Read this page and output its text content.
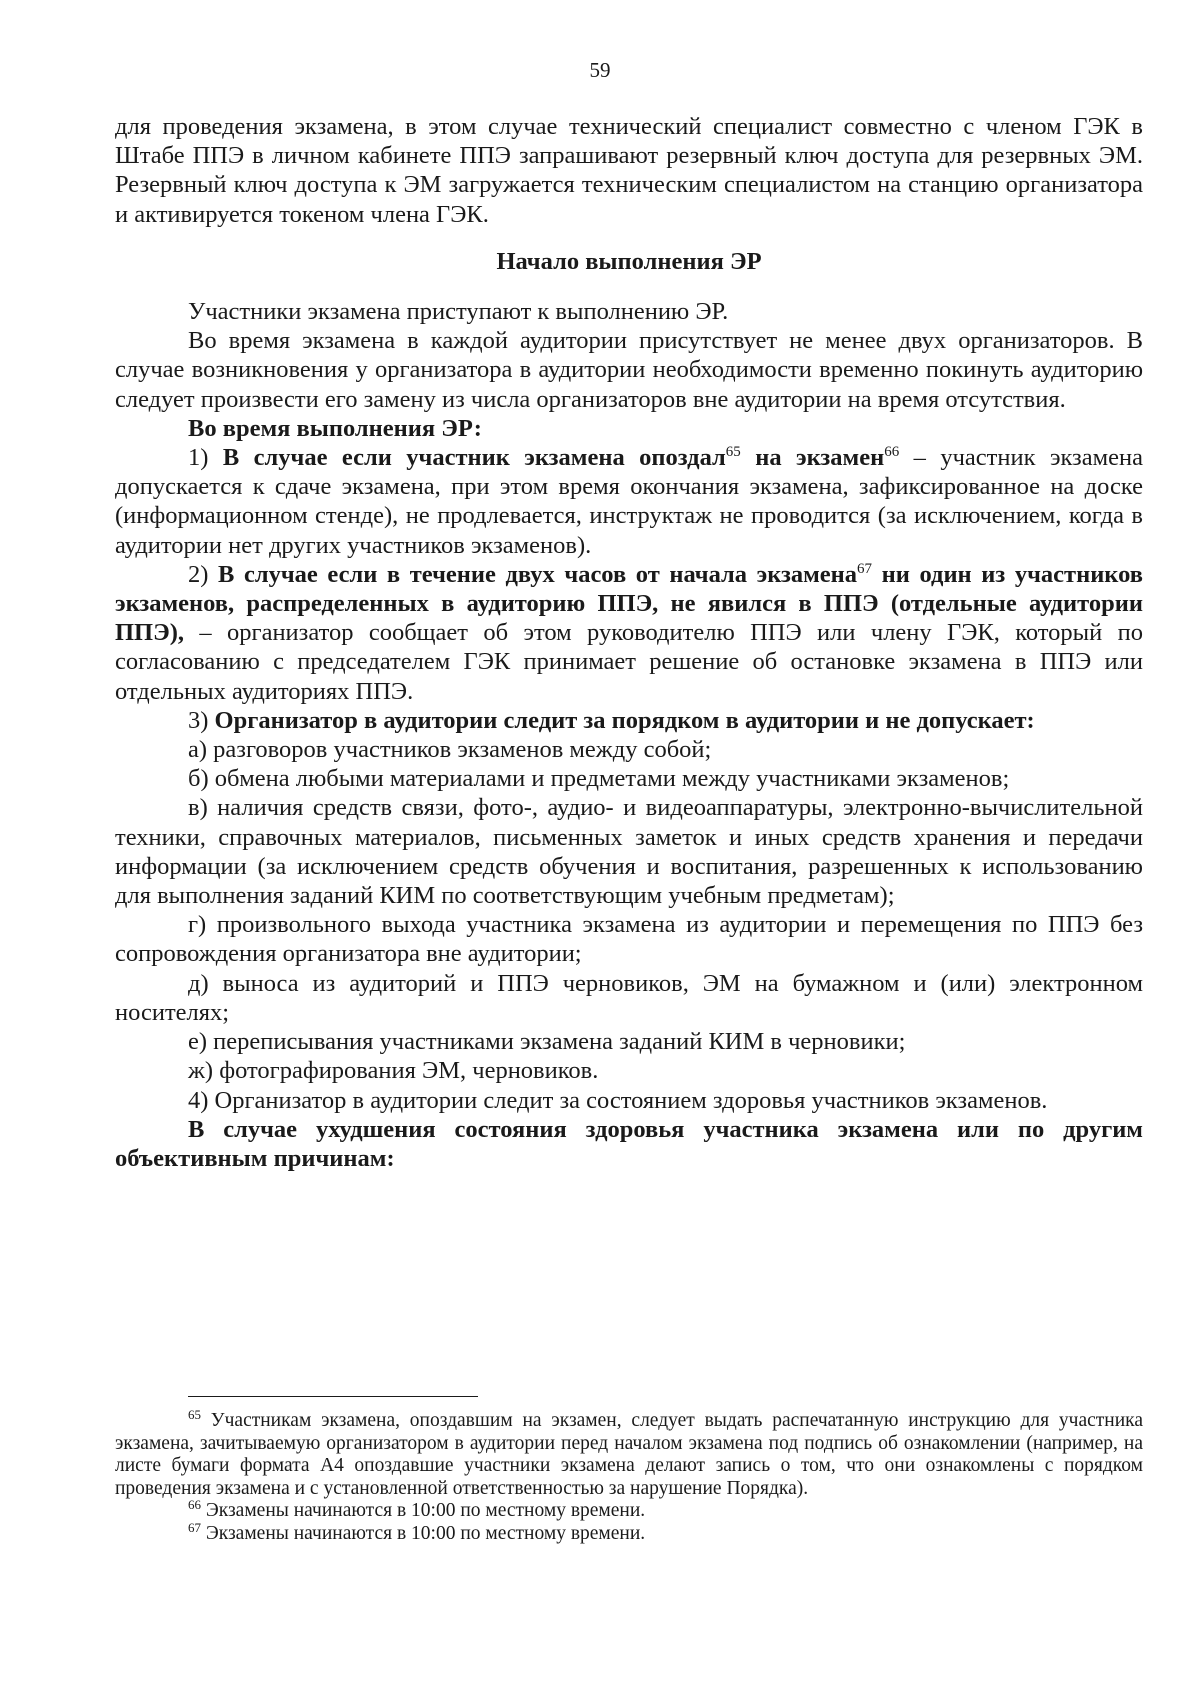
59

для проведения экзамена, в этом случае технический специалист совместно с членом ГЭК в Штабе ППЭ в личном кабинете ППЭ запрашивают резервный ключ доступа для резервных ЭМ. Резервный ключ доступа к ЭМ загружается техническим специалистом на станцию организатора и активируется токеном члена ГЭК.

Начало выполнения ЭР

Участники экзамена приступают к выполнению ЭР.

Во время экзамена в каждой аудитории присутствует не менее двух организаторов. В случае возникновения у организатора в аудитории необходимости временно покинуть аудиторию следует произвести его замену из числа организаторов вне аудитории на время отсутствия.

Во время выполнения ЭР:

1) В случае если участник экзамена опоздал$^{65}$ на экзамен$^{66}$ – участник экзамена допускается к сдаче экзамена, при этом время окончания экзамена, зафиксированное на доске (информационном стенде), не продлевается, инструктаж не проводится (за исключением, когда в аудитории нет других участников экзаменов).

2) В случае если в течение двух часов от начала экзамена$^{67}$ ни один из участников экзаменов, распределенных в аудиторию ППЭ, не явился в ППЭ (отдельные аудитории ППЭ), – организатор сообщает об этом руководителю ППЭ или члену ГЭК, который по согласованию с председателем ГЭК принимает решение об остановке экзамена в ППЭ или отдельных аудиториях ППЭ.

3) Организатор в аудитории следит за порядком в аудитории и не допускает:

а) разговоров участников экзаменов между собой;

б) обмена любыми материалами и предметами между участниками экзаменов;

в) наличия средств связи, фото-, аудио- и видеоаппаратуры, электронно-вычислительной техники, справочных материалов, письменных заметок и иных средств хранения и передачи информации (за исключением средств обучения и воспитания, разрешенных к использованию для выполнения заданий КИМ по соответствующим учебным предметам);

г) произвольного выхода участника экзамена из аудитории и перемещения по ППЭ без сопровождения организатора вне аудитории;

д) выноса из аудиторий и ППЭ черновиков, ЭМ на бумажном и (или) электронном носителях;

е) переписывания участниками экзамена заданий КИМ в черновики;

ж) фотографирования ЭМ, черновиков.

4) Организатор в аудитории следит за состоянием здоровья участников экзаменов.

В случае ухудшения состояния здоровья участника экзамена или по другим объективным причинам:

$^{65}$ Участникам экзамена, опоздавшим на экзамен, следует выдать распечатанную инструкцию для участника экзамена, зачитываемую организатором в аудитории перед началом экзамена под подпись об ознакомлении (например, на листе бумаги формата А4 опоздавшие участники экзамена делают запись о том, что они ознакомлены с порядком проведения экзамена и с установленной ответственностью за нарушение Порядка).

$^{66}$ Экзамены начинаются в 10:00 по местному времени.

$^{67}$ Экзамены начинаются в 10:00 по местному времени.
